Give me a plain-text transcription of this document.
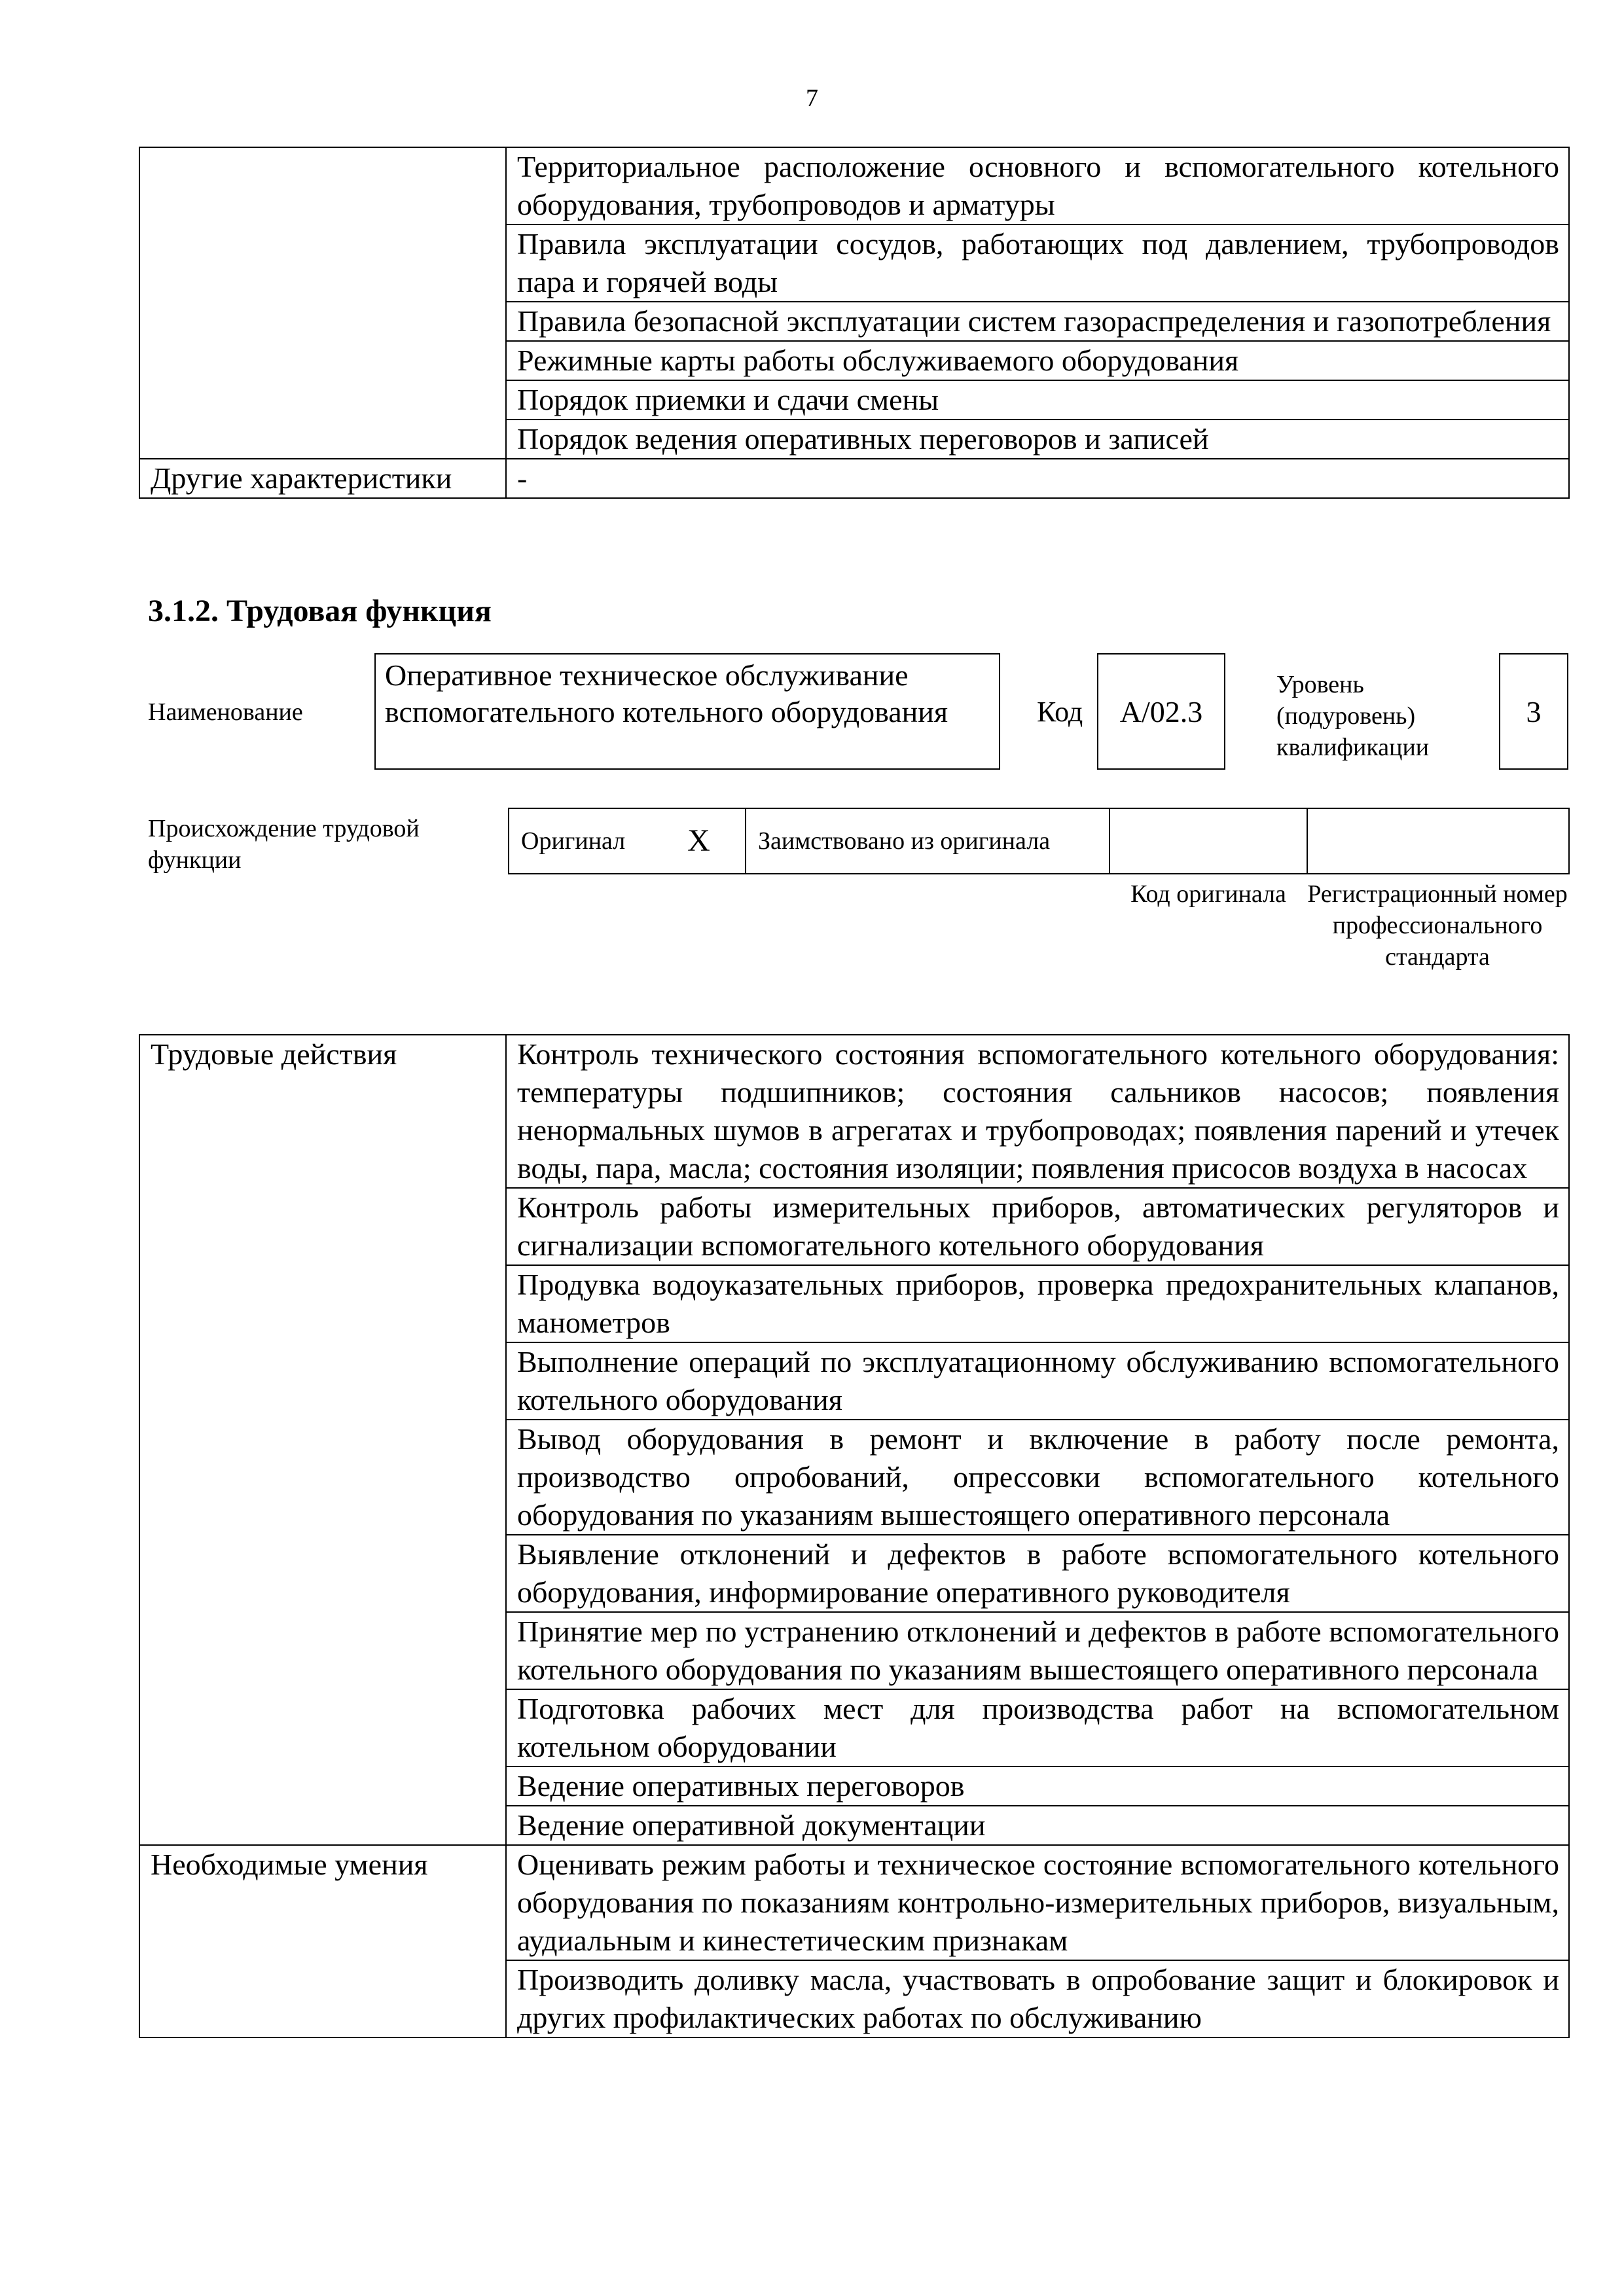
7
	Территориальное расположение основного и вспомогательного котельного оборудования, трубопроводов и арматуры
	Правила эксплуатации сосудов, работающих под давлением, трубопроводов пара и горячей воды
	Правила безопасной эксплуатации систем газораспределения и газопотребления
	Режимные карты работы обслуживаемого оборудования
	Порядок приемки и сдачи смены
	Порядок ведения оперативных переговоров и записей
Другие характеристики	-
3.1.2. Трудовая функция
Наименование
Оперативное техническое обслуживание вспомогательного котельного оборудования	Код	А/02.3
Уровень (подуровень) квалификации
3
Происхождение трудовой функции
Оригинал	Х	Заимствовано из оригинала		
Код оригинала Регистрационный номер профессионального стандарта
Трудовые действия	Контроль технического состояния вспомогательного котельного оборудования: температуры подшипников; состояния сальников насосов; появления ненормальных шумов в агрегатах и трубопроводах; появления парений и утечек воды, пара, масла; состояния изоляции; появления присосов воздуха в насосах
	Контроль работы измерительных приборов, автоматических регуляторов и сигнализации вспомогательного котельного оборудования
	Продувка водоуказательных приборов, проверка предохранительных клапанов, манометров
	Выполнение операций по эксплуатационному обслуживанию вспомогательного котельного оборудования
	Вывод оборудования в ремонт и включение в работу после ремонта, производство опробований, опрессовки вспомогательного котельного оборудования по указаниям вышестоящего оперативного персонала
	Выявление отклонений и дефектов в работе вспомогательного котельного оборудования, информирование оперативного руководителя
	Принятие мер по устранению отклонений и дефектов в работе вспомогательного котельного оборудования по указаниям вышестоящего оперативного персонала
	Подготовка рабочих мест для производства работ на вспомогательном котельном оборудовании
	Ведение оперативных переговоров
	Ведение оперативной документации
Необходимые умения	Оценивать режим работы и техническое состояние вспомогательного котельного оборудования по показаниям контрольно-измерительных приборов, визуальным, аудиальным и кинестетическим признакам
	Производить доливку масла, участвовать в опробование защит и блокировок и других профилактических работах по обслуживанию
